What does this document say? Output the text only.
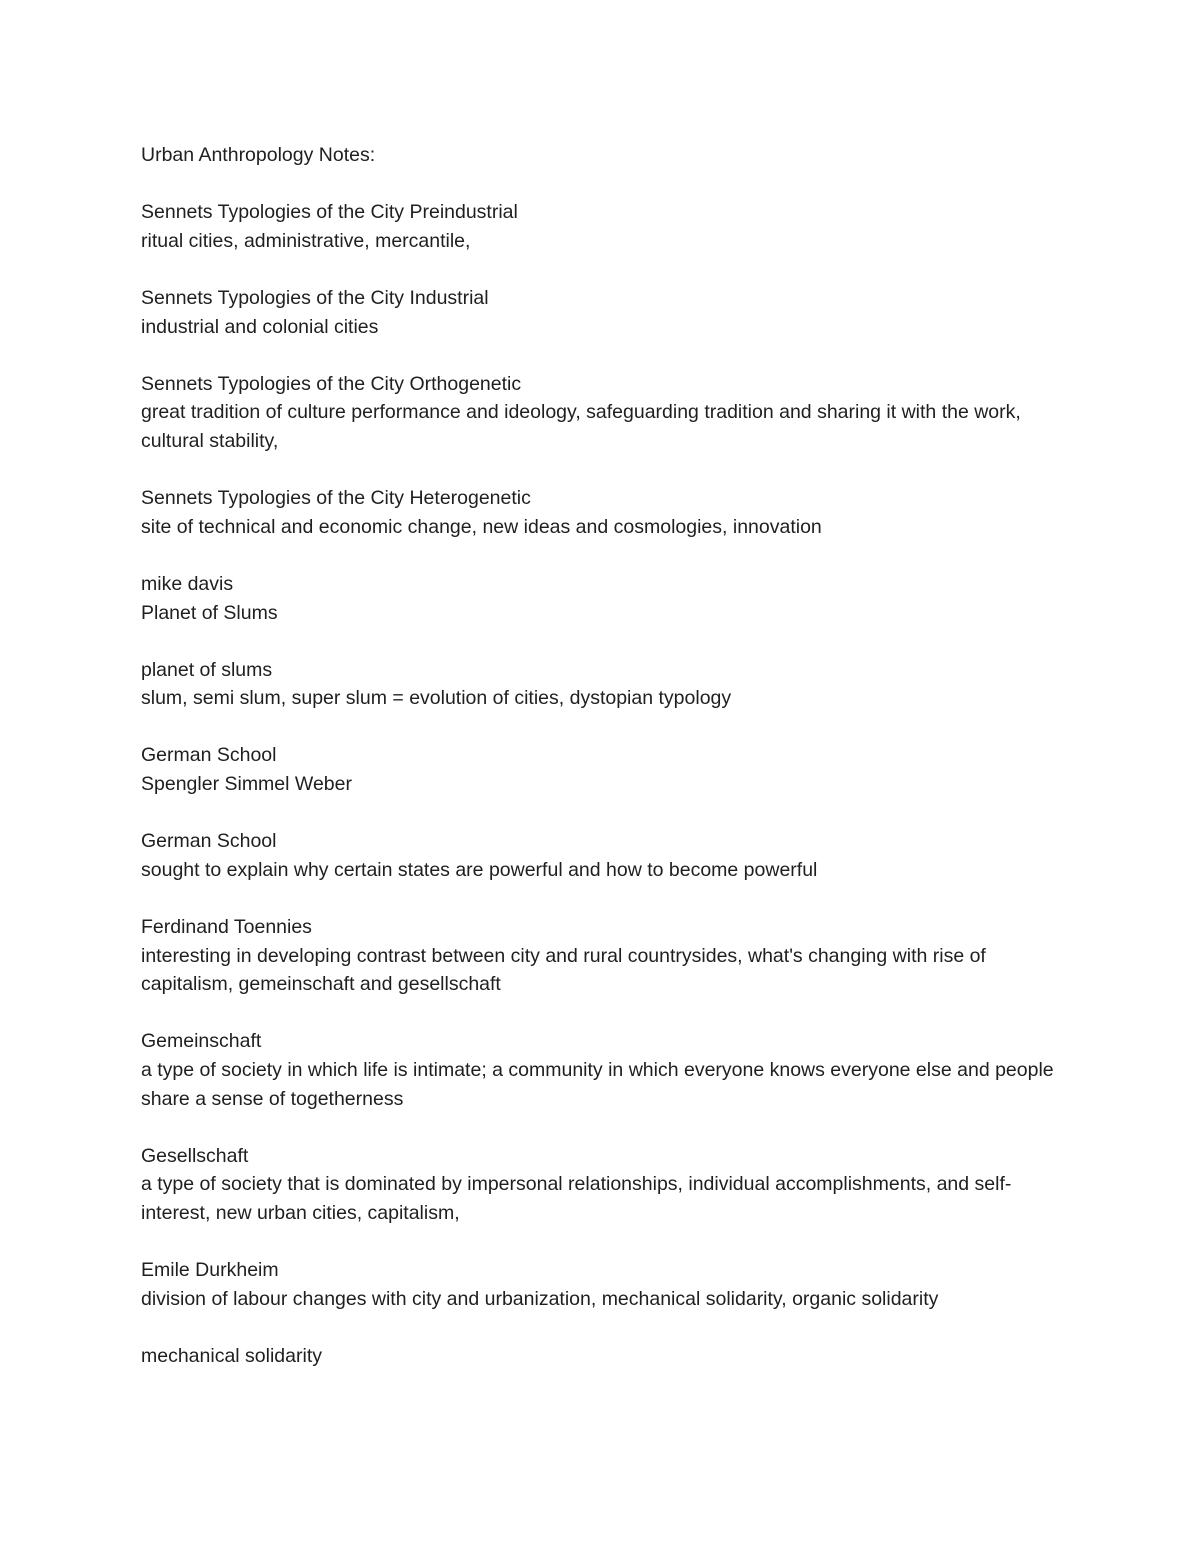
Urban Anthropology Notes:
Sennets Typologies of the City Preindustrial
ritual cities, administrative, mercantile,
Sennets Typologies of the City Industrial
industrial and colonial cities
Sennets Typologies of the City Orthogenetic
great tradition of culture performance and ideology, safeguarding tradition and sharing it with the work, cultural stability,
Sennets Typologies of the City Heterogenetic
site of technical and economic change, new ideas and cosmologies, innovation
mike davis
Planet of Slums
planet of slums
slum, semi slum, super slum = evolution of cities, dystopian typology
German School
Spengler Simmel Weber
German School
sought to explain why certain states are powerful and how to become powerful
Ferdinand Toennies
interesting in developing contrast between city and rural countrysides, what's changing with rise of capitalism, gemeinschaft and gesellschaft
Gemeinschaft
a type of society in which life is intimate; a community in which everyone knows everyone else and people share a sense of togetherness
Gesellschaft
a type of society that is dominated by impersonal relationships, individual accomplishments, and self-interest, new urban cities, capitalism,
Emile Durkheim
division of labour changes with city and urbanization, mechanical solidarity, organic solidarity
mechanical solidarity
